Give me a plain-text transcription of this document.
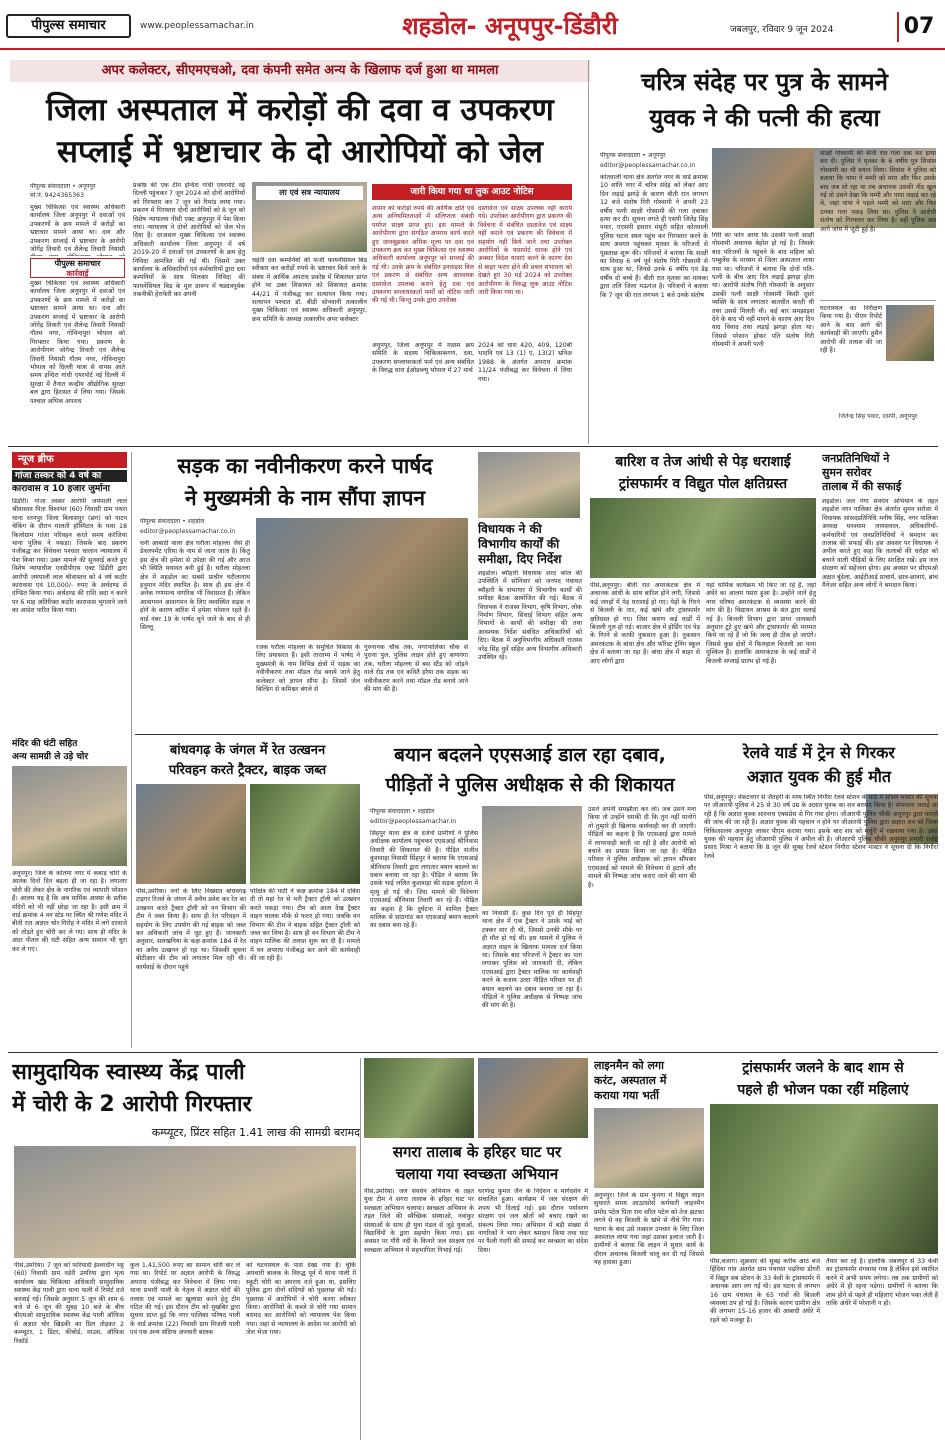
पीपुल्स समाचार	www.peoplessamachar.in	शहडोल- अनूपपुर-डिंडौरी	जबलपुर, रविवार 9 जून 2024	07
अपर कलेक्टर, सीएमएचओ, दवा कंपनी समेत अन्य के खिलाफ दर्ज हुआ था मामला
जिला अस्पताल में करोड़ों की दवा व उपकरण
सप्लाई में भ्रष्टाचार के दो आरोपियों को जेल
पीपुल्स संवाददाता • अनूपपुर
मो.नं. 9424365363
मुख्य चिकित्सा एवं स्वास्थ्य अधिकारी कार्यालय जिला अनूपपुर में दवाओं एवं उपकरणों के क्रय मामले में करोड़ों का भ्रष्टाचार सामने आया था। दवा और उपकरण सप्लाई में भ्रष्टाचार के आरोपी जोगेंद्र तिवारी एवं शैलेन्द्र तिवारी नियासी
पीपुल्स समाचार
कार्रवाई
मुख्य चिकित्सा एवं स्वास्थ्य अधिकारी कार्यालय जिला अनूपपुर में दवाओं एवं उपकरणों के क्रय मामले में करोड़ों का भ्रष्टाचार सामने आया था। दवा और उपकरण सप्लाई में भ्रष्टाचार के आरोपी जोगेंद्र तिवारी एवं शैलेन्द्र तिवारी नियासी गौतम नगर, गोविन्दपुरा भोपाल को गिरफ्तार किया गया। प्रकरण के आरोपीगण जोगेन्द्र तिवारी एवं शैलेन्द्र तिवारी नियासी गौतम नगर, गोविन्दपुरा भोपाल को दिल्ली यात्रा से वापस आते समय इन्दिरा गांधी एयरपोर्ट नई दिल्ली में सुरक्षा में तैनात कन्द्रीय औद्योगिक सुरक्षा बल द्वारा हिरासत में लिया गया। जिसके पश्चात अभिक अपराध
प्रकोष्ठ की एक टीम इन्दिरा गांधी एयरपोर्ट नई दिल्ली पहुंचकर 7 जून 2024 को दोनों आरोपियों को गिरफ्तार कर 7 जून को रिमांड लाया गया। प्रकरण में गिरफ्तार दोनों आरोपियों को 8 जून को विशेष न्यायालय पीसी एक्ट अनूपपुर में पेश किया गया। न्यायालय ने दोनों आरोपियों को जेल भेज दिया है। दरअसल मुख्य चिकित्सा एवं स्वास्थ्य अधिकारी कार्यालय जिला अनूपपुर में वर्ष 2019-20 में दवाओं एवं उपकरणों के क्रय हेतु निविदा आमंत्रित की गई थी। जिसमें उक्त कार्यालय के अधिकारियों एवं कर्मचारियों द्वारा दवा कम्पनियों के साथ मिलकर निविदा की फायनेंसियल बिड के मूल प्रारूप में षड्यंत्रपूर्वक तकनीकी हेराफेरी कर अपनी
ला एवं सत्र न्यायालय
चहेती दवा कम्पनियों की फर्जी फायनेंसियल बिड स्वीकार कर करोड़ों रुपये के भ्रष्टाचार किये जाने के संबंध में आर्थिक अपराध प्रकोष्ठ में शिकायत प्राप्त होने पर उक्त शिकायत को शिकायत क्रमांक 44/21 में पंजीबद्ध कर सत्यापन किया गया। सत्यापन पश्चात डॉ. बीडी सोनवानी तत्कालीन मुख्य चिकित्सा एवं स्वास्थ्य अधिकारी अनूपपुर, क्रय समिति के अध्यक्ष तत्कालीन अपर कलेक्टर
जारी किया गया था लुक आउट नोटिस
शासन को करोड़ों रुपये की आर्थिक क्षति एवं अन्य अनियमितताओं में संलिप्तता संबंधी पर्याप्त साक्ष्य प्राप्त हुए। इस मामले के आरोपीगण द्वारा संगठित अपराध कार्य करते हुए जानबूझकर अधिक मूल्य पर दवा एवं उपकरण क्रय कर मुख्य चिकित्सा एवं स्वास्थ्य अधिकारी कार्यालय अनूपपुर को सप्लाई की गई थी। उनके क्रय के संबंधित इनवाइस बिल एवं प्रकरण से संबंधित अन्य आवश्यक दस्तावेज उपलब्ध कराने हेतु दवा एवं उपकरण सप्लायरकर्ता फर्मों को नोटिस जारी की गई थी। किन्तु उनके द्वारा उपरोक्त
दस्तावेज एवं साक्ष्य उपलब्ध नहीं कराये गये। उपरोक्त आरोपीगण द्वारा प्रकरण की विवेचना में संबंधित दस्तावेज एवं साक्ष्य नहीं कराने एवं प्रकरण की विवेचना में सहयोग नहीं किये जाने तथा उपरोक्त आरोपियों के पासपोर्ट धारक होने एवं अक्सर विदेश यात्राएं करने के कारण देश से बाहर फरार होने की प्रबल संभावना को देखते हुए 30 मई 2024 को उपरोक्त आरोपीगण के विरुद्ध लुक आउट नोटिस जारी किया गया था।
अनूपपुर, जिला अनूपपुर में मदस्य क्रय समिति के सदस्य चिकित्सकगण, दवा, उपकरण सप्लायरकर्ता फर्म एवं अन्य संबंधित के विरुद्ध धारा ईओडब्ल्यू भोपाल में 27 मार्च
2024 को धारा 420, 409, 120बी भादवि एवं 13 (1) ए, 13(2) भ्रनिअ 1988 के अंतर्गत अपराध क्रमांक 11/24 पंजीबद्ध कर विवेचना में लिया गया।
चरित्र संदेह पर पुत्र के सामने
युवक ने की पत्नी की हत्या
पीपुल्स संवाददाता • अनूपपुर
editor@peoplessamachar.co.in
कोतवाली थाना क्षेत्र अंतर्गत नगर के वार्ड क्रमांक 10 शांति नगर में चरित्र संदेह को लेकर आए दिन लड़ाई झगड़े के कारण बीती रात लगभग 12 बजे संतोष गिरी गोस्वामी ने अपनी 23 वर्षीय पत्नी साक्षी गोस्वामी की गला दबाकर हत्या कर दी। सूचना लगते ही एसपी जितेंद्र सिंह पवार, एएसपी इसरार मंसूरी सहित कोतवाली पुलिस घटना स्थल पहुंच कर गिरफ्तार करने के साथ अवगत पहुंचकर मृतका के परिजनों से पूछताछ शुरू की। परिजनों ने बताया कि साक्षी का विवाह 6 वर्ष पूर्व संतोष गिरी गोस्वामी से साथ हुआ था, जिनसे उनके 6 वर्षीय एवं डेढ़ वर्षीय दो बच्चे हैं। बीती रात मृतका का मायका द्वारा तलि जिला मऊगंज है। परिजनों ने बताया कि 7 जून की रात लगभग 1 बजे उनके संतोष
गिरी का फोन आया कि उसकी पत्नी साक्षी गोस्वामी अचानक बेहोश हो गई है। जिसके बाद परिजनों के पहुंचने के बाद महिला को एम्बुलेंस के माध्यम से जिला अस्पताल लाया गया था। परिजनों ने बताया कि दोनों पति-पत्नी के बीच आए दिन लड़ाई झगड़ा होता था। आरोपी संतोष गिरी गोस्वामी के अनुसार उसकी पत्नी साक्षी गोस्वामी किसी दूसरे व्यक्ति के साथ लगातार बातचीत करती थी तथा उससे मिलती थी। कई बार समझाइश देने के बाद भी नहीं मानने के कारण आए दिन वाद विवाद तथा लड़ाई झगड़ा होता था। जिससे परेशान होकर पति संतोष गिरी गोस्वामी ने अपनी पत्नी
साक्षी गोस्वामी की बीती रात गला दबा कर हत्या कर दी। पुलिस ने मृतका के 6 वर्षीय पुत्र शिवांश गोस्वामी का भी बयान लिया। शिवांश ने पुलिस को बताया कि पापा ने मम्मी को मारा और फिर उसके बाद जब सो रहा था तब अचानक उसकी नींद खुल गई तो उसने देखा कि मम्मी और पापा लड़ाई कर रहे थे, जहां पापा ने पहले मम्मी को मारा और फिर उनका गला पकड़ लिया था। पुलिस ने आरोपी संतोष को गिरफ्तार कर लिया है। वहीं पुलिस अब आगे जांच में जुटी हुई है।
घटनास्थल का निरीक्षण किया गया है। पीएम रिपोर्ट आने के बाद आगे की कार्यवाही की जाएगी। हुसैन आरोपी की तलाश की जा रही है।
जितेन्द्र सिंह पवार, एसपी, अनूपपुर
न्यूज ब्रीफ
गांजा तस्कर को 4 वर्ष का
कारावास व 10 हजार जुर्माना
डिंडौरी। गांजा तस्कर आरोपी जयपाली लाल श्रीवास्तव पिता विश्वंभर (60) निवासी ग्राम पथरा थाना रतनपुर जिला बिलासपुर (छग) को पाटन चेकिंग के दौरान मालती हॉस्पिटल के पास 18 किलोग्राम गांजा परिवहन करते समय करंजिया थाना पुलिस ने पकड़ा। जिसके बाद प्रकरण पंजीबद्ध कर विवेचना पश्चात चालान न्यायालय में पेश किया गया। उक्त मामले की सुनवाई करते हुए विशेष न्यायाधीश एनडीपीएस एक्ट डिंडौरी द्वारा आरोपी जयपाली लाल श्रीवास्तव को 4 वर्ष कठोर कारावास एवं 10,000/- रुपए के अर्थदण्ड से दण्डित किया गया। अर्थदण्ड की राशि अदा न करने पर 6 माह अतिरिक्त कठोर कारावास भुगताने जाने का आदेश पारित किया गया।
मंदिर की घंटी सहित
अन्य सामग्री ले उड़े चोर
अनूपपुर। जिले के कोतमा नगर में कबाड़ चोरों के आतंक दिनों दिन बढ़ता ही जा रहा है। लगातार चोरी की लेकर क्षेत्र के नागरिक एवं व्यापारी परेशान हैं। आलम यह है कि अब धार्मिक आस्था के प्रतीक मंदिरों को भी नहीं छोड़ा जा रहा है। इसी क्रम में वार्ड क्रमांक 4 वन स्टेड पर स्थित श्री गणेश मंदिर में बीती रात अज्ञात चोर गिरोह ने मंदिर में लगे दरवाजे को तोड़ते हुए चोरी कर ले गए। साथ ही मंदिर के अंदर पीतल की घंटी सहित अन्य सामान भी चुरा कर ले गए।
सड़क का नवीनीकरण करने पार्षद
ने मुख्यमंत्री के नाम सौंपा ज्ञापन
पीपुल्स संवाददाता • शहडोल
editor@peoplessamachar.co.in
धनी आबादी वाला क्षेत्र घरौला मोहल्ला जैसे ही डेवलपमेंट एरिया के नाम से जाना जाता है। किंतु इस क्षेत्र की हमेशा से उपेक्षा की गई और आज भी स्थिति यथावत बनी हुई है। घरौला मोहल्ला क्षेत्र में शहडोल का सबसे प्राचीन घरौलानाथ हनुमान मंदिर स्थापित है। साथ ही इस क्षेत्र में अनेक गणमान्य नागरिक भी निवासरत हैं। लेकिन आवागमन आवागमन के लिए व्यवस्थित सड़क न होने के कारण बारिश में हमेशा परेशान रहते हैं। वार्ड नंबर 19 के पार्षद चुने जाने के बाद से ही सिल्लू
रजक घरौला मोहल्ला के समुचित विकास के लिए प्रयासरत हैं। इसी तारतम्य में पार्षद ने मुख्यमंत्री के नाम विभिन्न क्षेत्रों में सड़क का नवीनीकरण तथा मॉडल रोड बनाये जाने हेतु कलेक्टर को ज्ञापन सौंपा है। जिसमें जेल बिल्डिंग से कमिश्नर बंगले से
गुरुनानक चौक तक, नगरपालिका चौक से पुराना पुल, पुलिस लाइन होते हुए बाणगंगा तक, घरौला मोहल्ला से बस स्टैंड को जोड़ने वाले रोड तक एवं कवितै हरैया तक सड़क का नवीनीकरण करने तथा मॉडल रोड बनाये जाने की मांग की है।
विधायक ने की
विभागीय कार्यों की
समीक्षा, दिए निर्देश
शहडोल। ब्यौहारी विधायक शरद कोल की उपस्थिति में सोनिवार को जनपद पंचायत ब्यौहारी के सभागार में विभागीय कार्यों की समीक्षा बैठक आयोजित की गई। बैठक में विधायक ने राजस्व विभाग, कृषि विभाग, लोक निर्माण विभाग, सिंचाई विभाग सहित अन्य विभागों के कार्यों की समीक्षा की तथा आवश्यक निर्देश संबंधित अधिकारियों को दिए। बैठक में अनुविभागीय अधिकारी राजस्व नरेंद्र सिंह धुर्वे सहित अन्य विभागीय अधिकारी उपस्थित रहे।
बारिश व तेज आंधी से पेड़ धराशाई
ट्रांसफार्मर व विद्युत पोल क्षतिग्रस्त
पीसं,अनूपपुर। बीती रात अमरकंटक क्षेत्र में अचानक आंधी के साथ बारिश होने लगी, जिससे कई जगहों में पेड़ धराशाई हो गए। पेड़ों के गिरने से बिजली के तार, कई खंभे और ट्रांसफार्मर क्षतिग्रस्त हो गए। जिस कारण कई वार्डों में बिजली गुल हो गई। बाजार क्षेत्र में होर्डिंग एवं पेड़ के गिरने से काफी नुकसान हुआ है। नुकसान अमरकंटक के बांधा क्षेत्र और फॉरेस्ट ट्रेनिंग स्कूल क्षेत्र में बताया जा रहा है। बांधा क्षेत्र में बाहर से आए लोगों द्वारा
यहां धार्मिक कार्यक्रम भी किए जा रहे हैं, जहां अंधेरे का आलम पसरा हुआ है। उन्होंने जाने हेतु नगर परिषद अमरकंटक से व्यवस्था करने की मांग की है। विद्यायन आश्रम के संत द्वारा चलाई गई है। बिजली विभाग द्वारा प्राप्त जानकारी अनुसार टूटे हुए खंभे और ट्रांसफार्मर की मरम्मत किये जा रहे हैं जो कि जल्द ही ठीक हो जाएंगे। जिससे कुछ क्षेत्रों में फिलहाल बिजली आ पाना मुश्किल है। हालांकि अमरकंटक के कई वार्डों में बिजली सप्लाई प्रारंभ हो गई है।
जनप्रतिनिधियों ने
सुमन सरोवर
तालाब में की सफाई
शहडोल। जल गंगा संवर्धन अभियान के तहत शहडोल नगर पालिका क्षेत्र अंतर्गत सुमन सरोवर में विधायक सांसदप्रतिनिधि मनीष सिंह, नगर पालिका अध्यक्ष घनश्याम जायसवाल, अधिकारियों-कर्मचारियों एवं जनप्रतिनिधियों ने श्रमदान कर तालाब की सफाई की। इस अवसर पर विधायक ने अपील करते हुए कहा कि तालाबों की धरोहर को बचाने वाली पीढ़ियों के लिए संरक्षित रखें। इस जल संरक्षण को सहेजना होगा। इस अवसर पर सीएमओ अक्षत बुंदेला, आईटीआई प्राचार्य, छात्र-छात्राएं, ब्रांच मैनेजर सहित अन्य लोगों ने श्रमदान किया।
बांधवगढ़ के जंगल में रेत उत्खनन
परिवहन करते ट्रैक्टर, बाइक जब्त
पीसं,उमरिया। वनों के लिए विख्यात बांधवगढ़ टाइगर रिजर्व के जंगल में अवैध प्रवेश कर रेत का उत्खनन करते ट्रैक्टर ट्रॉली को वन विभाग की टीम ने जब्त किया है। साथ ही रेत परिवहन में सहयोग के लिए उपयोग की गई बाइक को जब्त कर अधिकारी जांच में जुट हुए हैं। जानकारी अनुसार, सलखनिया के कक्ष क्रमांक 184 में रेत का अवैध उत्खनन हो रहा था। जिसकी सूचना बीटीआर की टीम को लगातार मिल रही थी। कार्यवाई के दौरान पहुंचे
परिक्षेत्र की पार्टी ने कक्ष क्रमांक 184 में दबिश दी तो यहां रेत से भरी ट्रैक्टर ट्रॉली को उत्खनन करते पकड़ा गया। टीम को आता देख ट्रैक्टर वाहन चालक मौके से फरार हो गया। जबकि वन विभाग की टीम ने बाइक सहित ट्रैक्टर ट्रॉली को जब्त कर लिया है। साथ ही वन विभाग की टीम ने वाहन मालिक की तलाश शुरू कर दी है। मामले में वन अपराध पंजीबद्ध कर आगे की कार्यवाही की जा रही है।
बयान बदलने एएसआई डाल रहा दबाव,
पीड़ितों ने पुलिस अधीक्षक से की शिकायत
पीपुल्स संवाददाता • शहडोल
editor@peoplessamachar.in
सिंहपुर थाना क्षेत्र के दर्जनों ग्रामीणों ने पुलिस अधीक्षक कार्यालय पहुंचकर एएसआई श्रीनिवास तिवारी की शिकायत की है। पीड़ित संजीव कुशवाहा निवासी सिंहपुर ने बताया कि एएसआई श्रीनिवास तिवारी द्वारा लगातार बयान बदलने का दबाव बनाया जा रहा है। पीड़ित ने बताया कि उसके भाई ललित कुशवाहा की सड़क दुर्घटना में मृत्यु हो गई थी। जिस मामले की विवेचना एएसआई श्रीनिवास तिवारी कर रहे हैं। पीड़ित का कहना है कि दुर्घटना में शामिल ट्रैक्टर मालिक से सांठगांठ कर एएसआई बयान बदलने का दबाव बना रहे हैं।
का निवासी है। कुछ दिन पूर्व ही सिंहपुर थाना क्षेत्र में एक ट्रैक्टर ने उसके भाई को टक्कर मार दी थी, जिससे उनकी मौके पर ही मौत हो गई थी। इस मामले में पुलिस ने अज्ञात वाहन के खिलाफ मामला दर्ज किया था। जिसके बाद परिजनों ने ट्रैक्टर का पता लगाकर पुलिस को जानकारी दी, लेकिन एएसआई द्वारा ट्रैक्टर मालिक पर कार्यवाही करने के बजाय उल्टा पीड़ित परिवार पर ही बयान बदलने का दबाव बनाया जा रहा है। पीड़ितों ने पुलिस अधीक्षक से निष्पक्ष जांच की मांग की है।
उसने अपनी समझौता कर लो। जब उसने मना किया तो उन्होंने धमकी दी कि तुम नहीं मानोगे तो तुम्हारे ही खिलाफ कार्यवाही कर दी जाएगी। पीड़ितों का कहना है कि एएसआई द्वारा मामले में लापरवाही बरती जा रही है और आरोपी को बचाने का प्रयास किया जा रहा है। पीड़ित परिवार ने पुलिस अधीक्षक को ज्ञापन सौंपकर एएसआई को मामले की विवेचना से हटाने और मामले की निष्पक्ष जांच कराए जाने की मांग की है।
रेलवे यार्ड में ट्रेन से गिरकर
अज्ञात युवक की हुई मौत
पीसं,अनूपपुर। वेंकटनगर से जैतहरी के मध्य स्थित निगौरा रेलवे स्टेशन के यार्ड में स्टेशन मास्टर की सूचना पर जीआरपी पुलिस ने 25 से 30 वर्ष उम्र के अज्ञात युवक का शव बरामद किया है। संभावना जताई जा रही है कि अज्ञात युवक सारनाथ एक्सप्रेस से गिर गया होगा। जीआरपी पुलिस चौकी अनूपपुर द्वारा मामले की जांच की जा रही है। अज्ञात युवक की पहचान न होने पर जीआरपी पुलिस द्वारा अज्ञात शव को जिला चिकित्सालय अनूपपुर लाकर पीएम कराया गया। इसके बाद शव को मर्चुरी में रखवाया गया है। उक्त युवक की पहचान हेतु जीआरपी पुलिस ने अपील की है। जीआरपी पुलिस चौकी अनूपपुर प्रभारी राजेंद्र प्रसाद मिश्रा ने बताया कि 8 जून की सुबह रेलवे स्टेशन निगौरा स्टेशन मास्टर ने सूचना दी कि निगौरा रेलवे
सामुदायिक स्वास्थ्य केंद्र पाली
में चोरी के 2 आरोपी गिरफ्तार
कम्प्यूटर, प्रिंटर सहित 1.41 लाख की सामग्री बरामद
पीसं,उमरिया। 7 जून को फरियादी ईश्वरदीन भट्ट (60) निवासी ग्राम वडेरी उमरिया द्वारा भृत्य कार्यालय खंड चिकित्सा अधिकारी सामुदायिक स्वास्थ्य केंद्र पाली द्वारा थाना पाली में रिपोर्ट दर्ज करवाई गई। जिसके अनुसार 5 जून की शाम 6 बजे से 6 जून की सुबह 10 बजे के बीच बीएमओ सामुदायिक स्वास्थ्य केंद्र पाली ऑफिस से अज्ञात चोर खिड़की का ग्रिल तोड़कर 2 कम्प्यूटर, 1 प्रिंटर, कीबोर्ड, माउस, ऑफिस रिकॉर्ड
कुल 1,41,500 रुपए का सामान चोरी कर ले गया था। रिपोर्ट पर अज्ञात आरोपी के विरुद्ध अपराध पंजीबद्ध कर विवेचना में लिया गया। थाना प्रभारी पाली के नेतृत्व में अज्ञात चोरों की तलाश एवं मामले का खुलासा करने हेतु टीम गठित की गई। इस दौरान टीम को मुखबिर द्वारा सूचना प्राप्त हुई कि नगर पालिका परिषद पाली के वार्ड क्रमांक (22) निवासी ग्राम मिजली पाली एवं एक अन्य संदिग्ध अपचारी बालक
को घटनास्थल के पास देखा गया है। चूंकि अपचारी बालक के विरुद्ध पूर्व में थाना पाली में स्कूटी चोरी का अपराध दर्ज हुआ था, इसलिए पुलिस द्वारा दोनों संदिग्धों को पूछताछ की गई। पूछताछ में आरोपियों ने चोरी करना स्वीकार किया। आरोपियों के कब्जे से चोरी गया सामान बरामद कर आरोपियों को न्यायालय पेश किया गया। जहां से न्यायालय के आदेश पर आरोपी को जेल भेजा गया।
सगरा तालाब के हरिहर घाट पर
चलाया गया स्वच्छता अभियान
पीसं,उमरिया। जल संवर्धन अभियान के तहत युवा टीम ने सगरा तालाब के हरिहर घाट पर स्वच्छता अभियान चलाया। स्वच्छता अभियान के तहत जिले की स्वैच्छिक संस्थाओं, नवांकुर संस्थाओं के साथ ही युवा मंडल से जुड़े युवाओं, विद्यार्थियों के द्वारा सहयोग किया गया। इस अवसर पर गौरी नदी के किनारे जल संरक्षण एवं स्वच्छता अभियान में सहभागिता निभाई गई।
धरणेन्द्र कुमार जैन के निर्देशन व मार्गदर्शन में संचालित हुआ। कार्यक्रम में जल संरक्षण की शपथ भी दिलाई गई। इस दौरान पर्यावरण संरक्षण एवं जल स्रोतों को बचाए रखने का संकल्प लिया गया। अभियान में बड़ी संख्या में नागरिकों ने भाग लेकर श्रमदान किया तथा घाट पर फैली गंदगी की सफाई कर स्वच्छता का संदेश दिया।
लाइनमैन को लगा
करंट, अस्पताल में
कराया गया भर्ती
अनूपपुर। जिले के ग्राम फुनगा में विद्युत लाइन सुधारते समय आउटसोर्स कर्मचारी लाइनमैन प्रमोद पटेल पिता राम चरित पटेल को तेज झटका लगने से वह बिजली के खंभे से नीचे गिर गया। घटना के बाद उसे तत्काल उपचार के लिए जिला अस्पताल लाया गया जहां उसका इलाज जारी है। ग्रामीणों ने बताया कि लाइन में सुधार कार्य के दौरान अचानक बिजली चालू कर दी गई जिससे यह हादसा हुआ।
ट्रांसफार्मर जलने के बाद शाम से
पहले ही भोजन पका रहीं महिलाएं
पीसं,बजाग। शुक्रवार की सुबह करीब आठ बजे हिंदिया गांव अंतर्गत ग्राम पंचायत पड़रिया डोंगरी में विद्युत सब स्टेशन के 33 केवी के ट्रांसफार्मर में अचानक आग लग गई थी। इस घटना से लगभग 16 ग्राम पंचायत के 65 गांवों की बिजली व्यवस्था ठप हो गई है। जिसके कारण ग्रामीण क्षेत्र की लगभग 15-16 हजार की आबादी अंधेरे में रहने को मजबूर है।
तैयार कर रहे हैं। हालांकि जबलपुर से 33 केवी का ट्रांसफार्मर मंगवाया गया है लेकिन इसे स्थापित करने में अभी समय लगेगा। तब तक ग्रामीणों को अंधेरे में ही रहना पड़ेगा। ग्रामीणों ने बताया कि शाम होने से पहले ही महिलाएं भोजन पका लेती हैं ताकि अंधेरे में परेशानी न हो।
